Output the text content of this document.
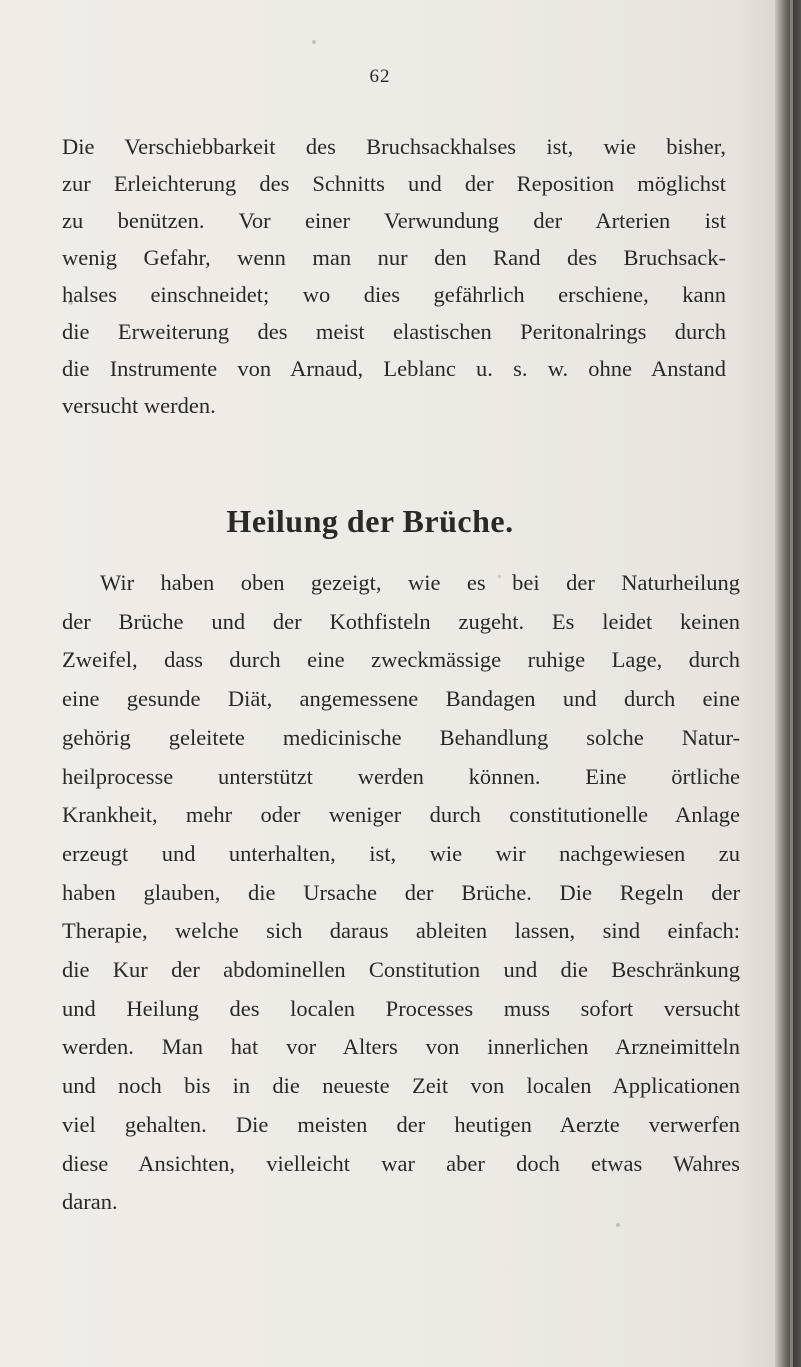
62

Die Verschiebbarkeit des Bruchsackhalses ist, wie bisher,
zur Erleichterung des Schnitts und der Reposition möglichst
zu benützen. Vor einer Verwundung der Arterien ist
wenig Gefahr, wenn man nur den Rand des Bruchsack-
halses einschneidet; wo dies gefährlich erschiene, kann
die Erweiterung des meist elastischen Peritonalrings durch
die Instrumente von Arnaud, Leblanc u. s. w. ohne Anstand
versucht werden.

Heilung der Brüche.

Wir haben oben gezeigt, wie es bei der Naturheilung
der Brüche und der Kothfisteln zugeht. Es leidet keinen
Zweifel, dass durch eine zweckmässige ruhige Lage, durch
eine gesunde Diät, angemessene Bandagen und durch eine
gehörig geleitete medicinische Behandlung solche Natur-
heilprocesse unterstützt werden können. Eine örtliche
Krankheit, mehr oder weniger durch constitutionelle Anlage
erzeugt und unterhalten, ist, wie wir nachgewiesen zu
haben glauben, die Ursache der Brüche. Die Regeln der
Therapie, welche sich daraus ableiten lassen, sind einfach:
die Kur der abdominellen Constitution und die Beschränkung
und Heilung des localen Processes muss sofort versucht
werden. Man hat vor Alters von innerlichen Arzneimitteln
und noch bis in die neueste Zeit von localen Applicationen
viel gehalten. Die meisten der heutigen Aerzte verwerfen
diese Ansichten, vielleicht war aber doch etwas Wahres
daran.
